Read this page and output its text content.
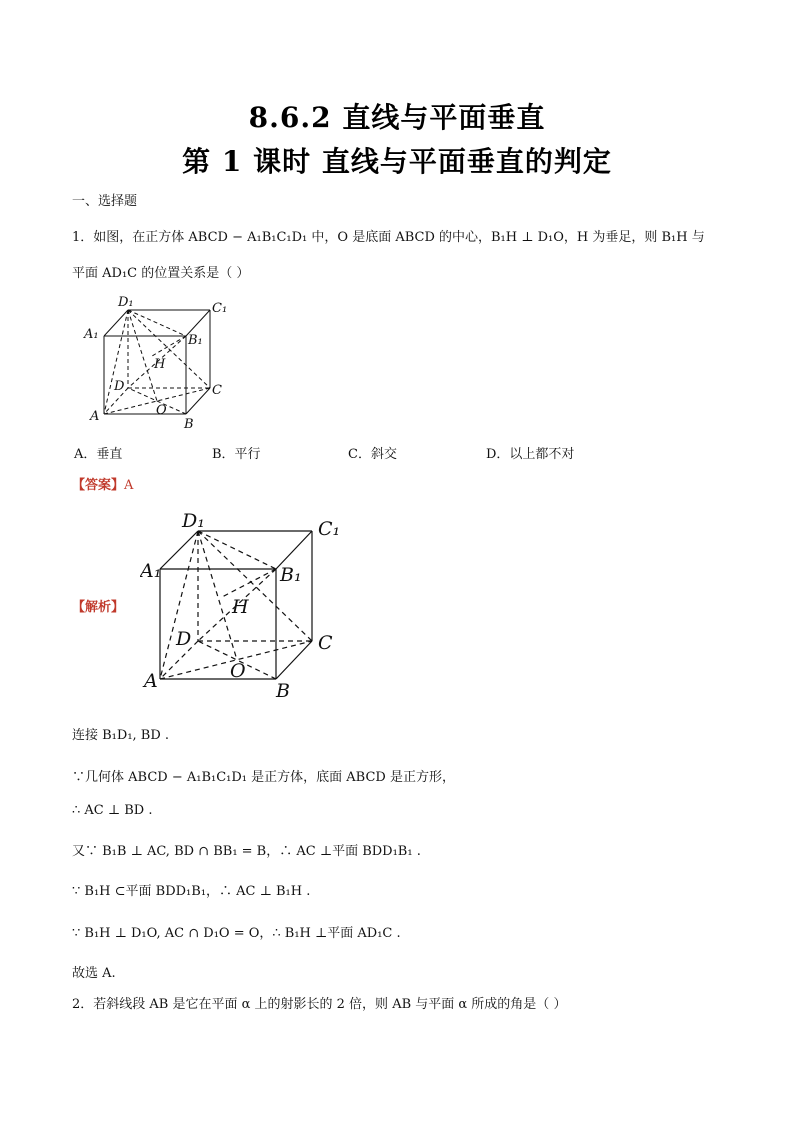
8.6.2 直线与平面垂直
第 1 课时 直线与平面垂直的判定
一、选择题
1．如图，在正方体 ABCD − A₁B₁C₁D₁ 中，O 是底面 ABCD 的中心，B₁H ⊥ D₁O，H 为垂足，则 B₁H 与
平面 AD₁C 的位置关系是（ ）
D₁	C₁
A₁	B₁
H
D	C
A	O
B
A．垂直	B．平行	C．斜交	D．以上都不对
【答案】A
【解析】
D₁	C₁
A₁	B₁
H
D	C
A	O
B
连接 B₁D₁, BD .
∵几何体 ABCD − A₁B₁C₁D₁ 是正方体，底面 ABCD 是正方形，
∴ AC ⊥ BD .
又∵ B₁B ⊥ AC, BD ∩ BB₁ = B，∴ AC ⊥平面 BDD₁B₁ .
∵ B₁H ⊂平面 BDD₁B₁，∴ AC ⊥ B₁H .
∵ B₁H ⊥ D₁O, AC ∩ D₁O = O，∴ B₁H ⊥平面 AD₁C .
故选 A.
2．若斜线段 AB 是它在平面 α 上的射影长的 2 倍，则 AB 与平面 α 所成的角是（ ）
